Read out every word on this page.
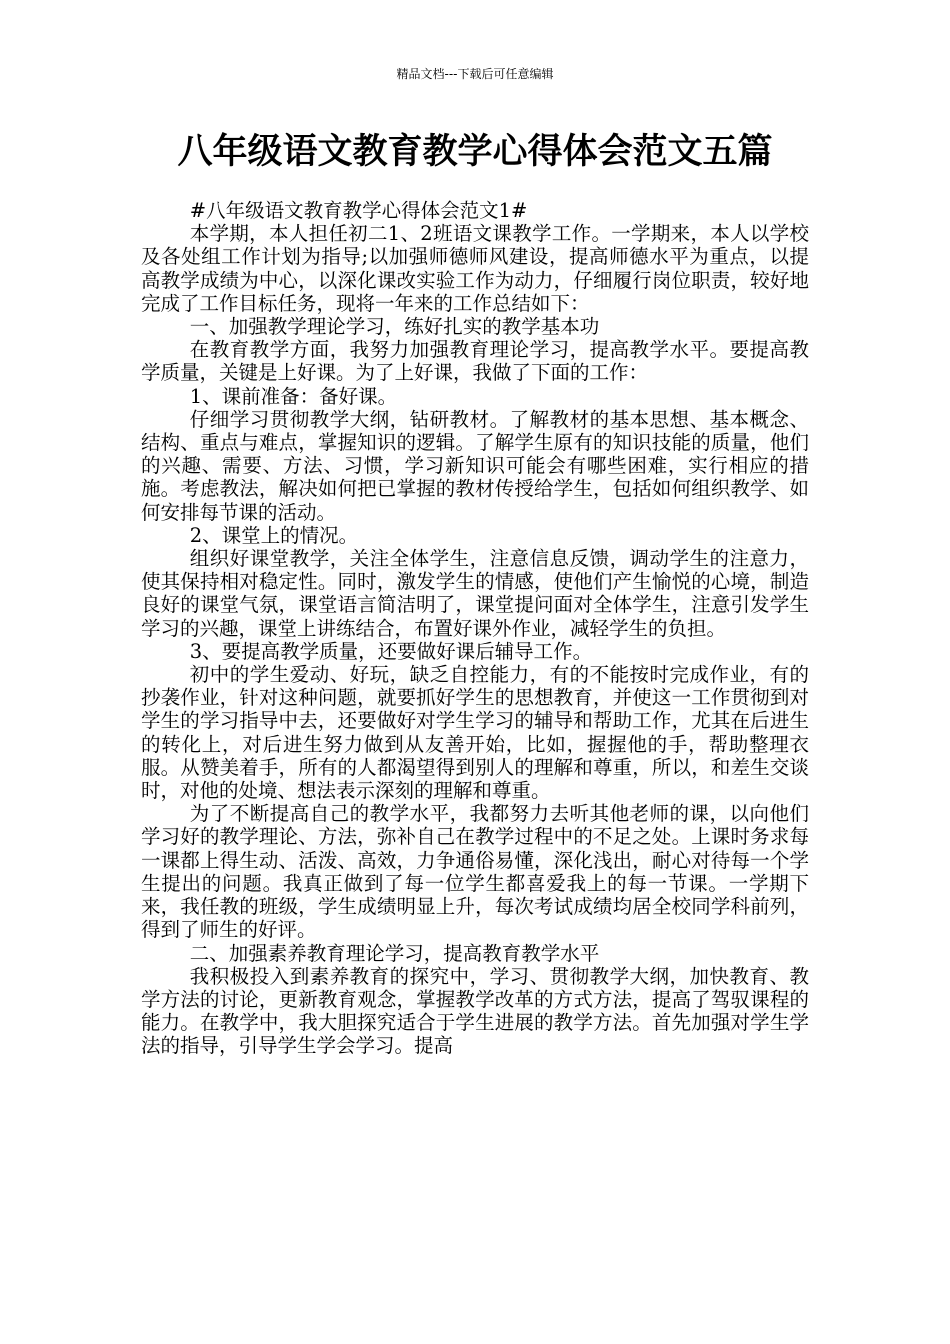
精品文档---下载后可任意编辑
八年级语文教育教学心得体会范文五篇

#八年级语文教育教学心得体会范文1#

本学期，本人担任初二1、2班语文课教学工作。一学期来，本人以学校及各处组工作计划为指导;以加强师德师风建设，提高师德水平为重点，以提高教学成绩为中心，以深化课改实验工作为动力，仔细履行岗位职责，较好地完成了工作目标任务，现将一年来的工作总结如下：

一、加强教学理论学习，练好扎实的教学基本功

在教育教学方面，我努力加强教育理论学习，提高教学水平。要提高教学质量，关键是上好课。为了上好课，我做了下面的工作：

1、课前准备：备好课。

仔细学习贯彻教学大纲，钻研教材。了解教材的基本思想、基本概念、结构、重点与难点，掌握知识的逻辑。了解学生原有的知识技能的质量，他们的兴趣、需要、方法、习惯，学习新知识可能会有哪些困难，实行相应的措施。考虑教法，解决如何把已掌握的教材传授给学生，包括如何组织教学、如何安排每节课的活动。

2、课堂上的情况。

组织好课堂教学，关注全体学生，注意信息反馈，调动学生的注意力，使其保持相对稳定性。同时，激发学生的情感，使他们产生愉悦的心境，制造良好的课堂气氛，课堂语言简洁明了，课堂提问面对全体学生，注意引发学生学习的兴趣，课堂上讲练结合，布置好课外作业，减轻学生的负担。

3、要提高教学质量，还要做好课后辅导工作。

初中的学生爱动、好玩，缺乏自控能力，有的不能按时完成作业，有的抄袭作业，针对这种问题，就要抓好学生的思想教育，并使这一工作贯彻到对学生的学习指导中去，还要做好对学生学习的辅导和帮助工作，尤其在后进生的转化上，对后进生努力做到从友善开始，比如，握握他的手，帮助整理衣服。从赞美着手，所有的人都渴望得到别人的理解和尊重，所以，和差生交谈时，对他的处境、想法表示深刻的理解和尊重。

为了不断提高自己的教学水平，我都努力去听其他老师的课，以向他们学习好的教学理论、方法，弥补自己在教学过程中的不足之处。上课时务求每一课都上得生动、活泼、高效，力争通俗易懂，深化浅出，耐心对待每一个学生提出的问题。我真正做到了每一位学生都喜爱我上的每一节课。一学期下来，我任教的班级，学生成绩明显上升，每次考试成绩均居全校同学科前列，得到了师生的好评。

二、加强素养教育理论学习，提高教育教学水平

我积极投入到素养教育的探究中，学习、贯彻教学大纲，加快教育、教学方法的讨论，更新教育观念，掌握教学改革的方式方法，提高了驾驭课程的能力。在教学中，我大胆探究适合于学生进展的教学方法。首先加强对学生学法的指导，引导学生学会学习。提高
